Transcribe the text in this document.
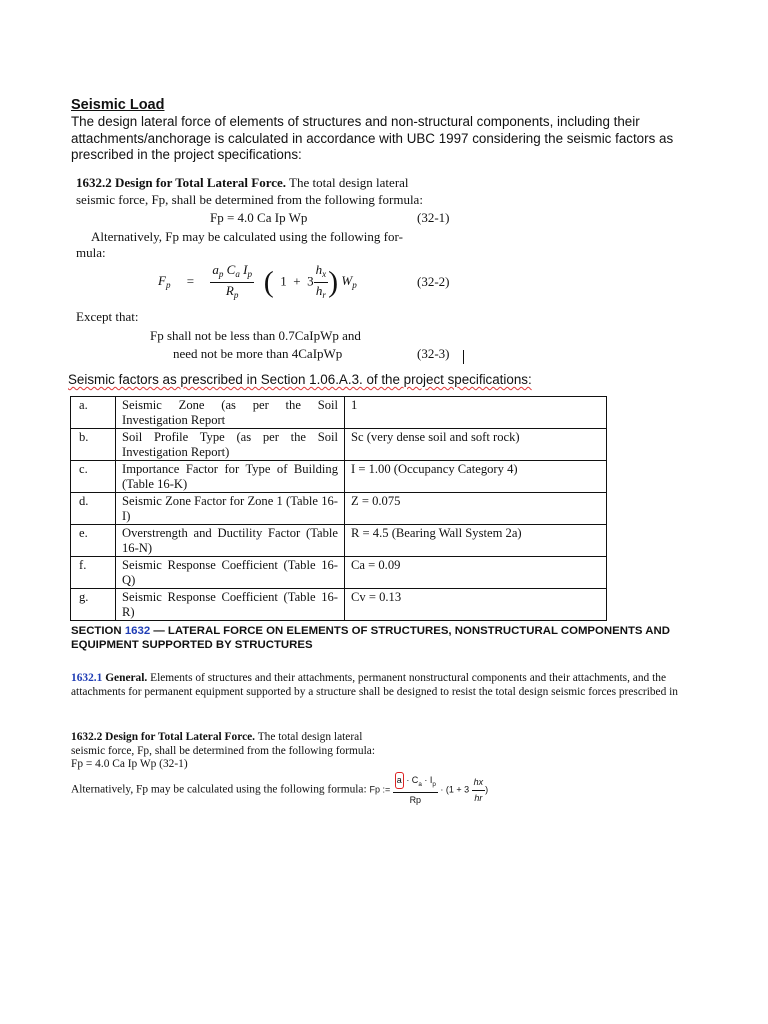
Seismic Load
The design lateral force of elements of structures and non-structural components, including their attachments/anchorage is calculated in accordance with UBC 1997 considering the seismic factors as prescribed in the project specifications:
1632.2 Design for Total Lateral Force. The total design lateral
seismic force, Fp, shall be determined from the following formula:
Fp = 4.0 Ca Ip Wp	(32-1)
Alternatively, Fp may be calculated using the following for-
mula:
$F_p$     = $\frac{a_p C_a I_p}{R_p}$ (  $1 + 3 \frac{h_x}{h_r}$ ) $W_p$	(32-2)
Except that:
Fp shall not be less than 0.7CaIpWp and
need not be more than 4CaIpWp	(32-3)
Seismic factors as prescribed in Section 1.06.A.3. of the project specifications:
a.	Seismic Zone (as per the Soil Investigation Report	1
b.	Soil Profile Type (as per the Soil Investigation Report)	Sc (very dense soil and soft rock)
c.	Importance Factor for Type of Building (Table 16-K)	I = 1.00 (Occupancy Category 4)
d.	Seismic Zone Factor for Zone 1 (Table 16-I)	Z = 0.075
e.	Overstrength and Ductility Factor (Table 16-N)	R = 4.5 (Bearing Wall System 2a)
f.	Seismic Response Coefficient (Table 16-Q)	Ca = 0.09
g.	Seismic Response Coefficient (Table 16-R)	Cv = 0.13
SECTION 1632 — LATERAL FORCE ON ELEMENTS OF STRUCTURES, NONSTRUCTURAL COMPONENTS AND EQUIPMENT SUPPORTED BY STRUCTURES
1632.1 General. Elements of structures and their attachments, permanent nonstructural components and their attachments, and the attachments for permanent equipment supported by a structure shall be designed to resist the total design seismic forces prescribed in
1632.2 Design for Total Lateral Force. The total design lateral
seismic force, Fp, shall be determined from the following formula:
Fp = 4.0 Ca Ip Wp (32-1)
Alternatively, Fp may be calculated using the following formula: Fp := $\frac{a \cdot C_a \cdot I_p}{Rp} \cdot (1 + 3 \frac{hx}{hr}$ )
